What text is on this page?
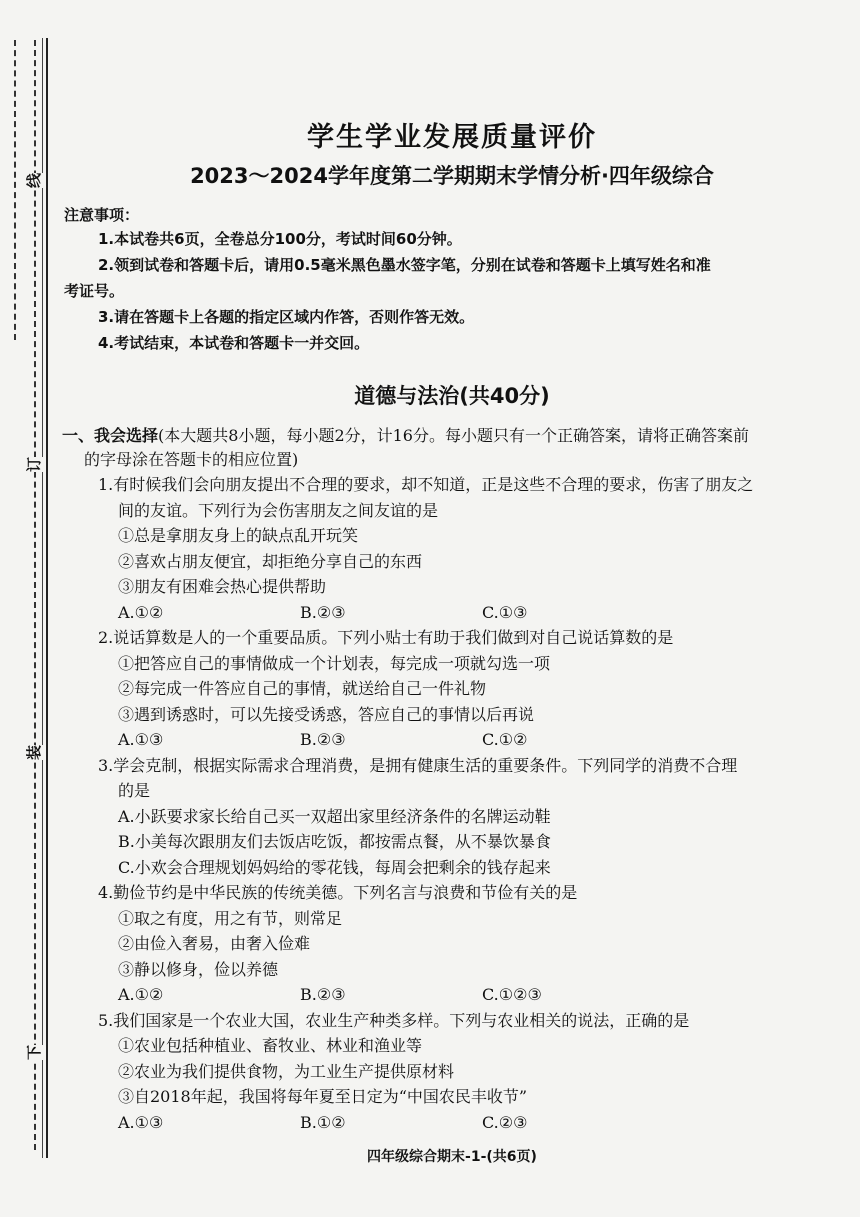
线
订
装
下
学生学业发展质量评价
2023～2024学年度第二学期期末学情分析·四年级综合
注意事项：
1.本试卷共6页，全卷总分100分，考试时间60分钟。
2.领到试卷和答题卡后，请用0.5毫米黑色墨水签字笔，分别在试卷和答题卡上填写姓名和准
考证号。
3.请在答题卡上各题的指定区域内作答，否则作答无效。
4.考试结束，本试卷和答题卡一并交回。
道德与法治(共40分)
一、我会选择(本大题共8小题，每小题2分，计16分。每小题只有一个正确答案，请将正确答案前
的字母涂在答题卡的相应位置)
1.有时候我们会向朋友提出不合理的要求，却不知道，正是这些不合理的要求，伤害了朋友之
间的友谊。下列行为会伤害朋友之间友谊的是
①总是拿朋友身上的缺点乱开玩笑
②喜欢占朋友便宜，却拒绝分享自己的东西
③朋友有困难会热心提供帮助
A.①②	B.②③	C.①③
2.说话算数是人的一个重要品质。下列小贴士有助于我们做到对自己说话算数的是
①把答应自己的事情做成一个计划表，每完成一项就勾选一项
②每完成一件答应自己的事情，就送给自己一件礼物
③遇到诱惑时，可以先接受诱惑，答应自己的事情以后再说
A.①③	B.②③	C.①②
3.学会克制，根据实际需求合理消费，是拥有健康生活的重要条件。下列同学的消费不合理
的是
A.小跃要求家长给自己买一双超出家里经济条件的名牌运动鞋
B.小美每次跟朋友们去饭店吃饭，都按需点餐，从不暴饮暴食
C.小欢会合理规划妈妈给的零花钱，每周会把剩余的钱存起来
4.勤俭节约是中华民族的传统美德。下列名言与浪费和节俭有关的是
①取之有度，用之有节，则常足
②由俭入奢易，由奢入俭难
③静以修身，俭以养德
A.①②	B.②③	C.①②③
5.我们国家是一个农业大国，农业生产种类多样。下列与农业相关的说法，正确的是
①农业包括种植业、畜牧业、林业和渔业等
②农业为我们提供食物，为工业生产提供原材料
③自2018年起，我国将每年夏至日定为“中国农民丰收节”
A.①③	B.①②	C.②③
四年级综合期末-1-(共6页)
